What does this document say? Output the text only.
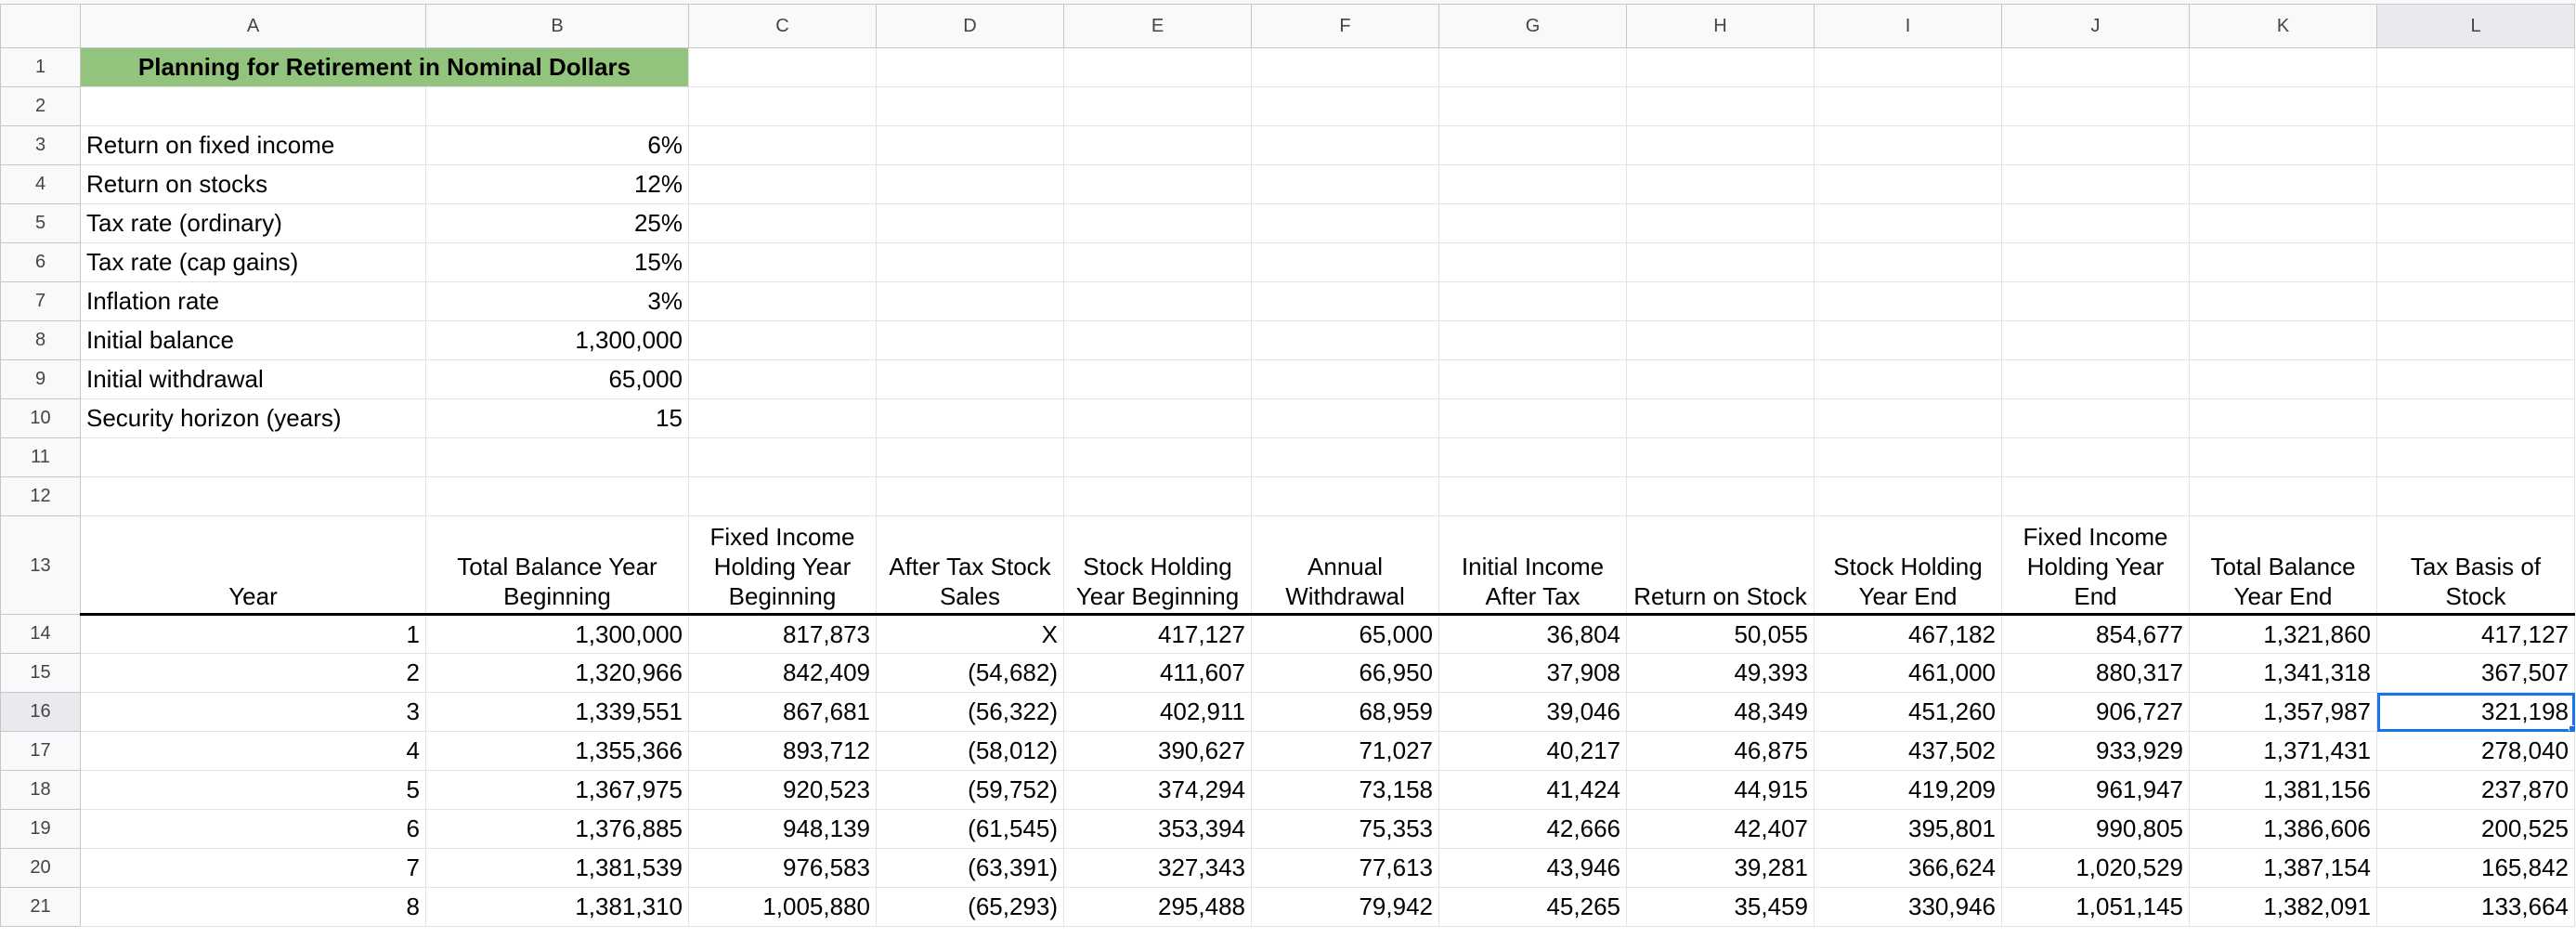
	A	B	C	D	E	F	G	H	I	J	K	L
1	Planning for Retirement in Nominal Dollars											
2												
3	Return on fixed income	6%										
4	Return on stocks	12%										
5	Tax rate (ordinary)	25%										
6	Tax rate (cap gains)	15%										
7	Inflation rate	3%										
8	Initial balance	1,300,000										
9	Initial withdrawal	65,000										
10	Security horizon (years)	15										
11												
12												
13	Year	Total Balance Year Beginning	Fixed Income Holding Year Beginning	After Tax Stock Sales	Stock Holding Year Beginning	Annual Withdrawal	Initial Income After Tax	Return on Stock	Stock Holding Year End	Fixed Income Holding Year End	Total Balance Year End	Tax Basis of Stock
14	1	1,300,000	817,873	X	417,127	65,000	36,804	50,055	467,182	854,677	1,321,860	417,127
15	2	1,320,966	842,409	(54,682)	411,607	66,950	37,908	49,393	461,000	880,317	1,341,318	367,507
16	3	1,339,551	867,681	(56,322)	402,911	68,959	39,046	48,349	451,260	906,727	1,357,987	321,198

17	4	1,355,366	893,712	(58,012)	390,627	71,027	40,217	46,875	437,502	933,929	1,371,431	278,040
18	5	1,367,975	920,523	(59,752)	374,294	73,158	41,424	44,915	419,209	961,947	1,381,156	237,870
19	6	1,376,885	948,139	(61,545)	353,394	75,353	42,666	42,407	395,801	990,805	1,386,606	200,525
20	7	1,381,539	976,583	(63,391)	327,343	77,613	43,946	39,281	366,624	1,020,529	1,387,154	165,842
21	8	1,381,310	1,005,880	(65,293)	295,488	79,942	45,265	35,459	330,946	1,051,145	1,382,091	133,664
